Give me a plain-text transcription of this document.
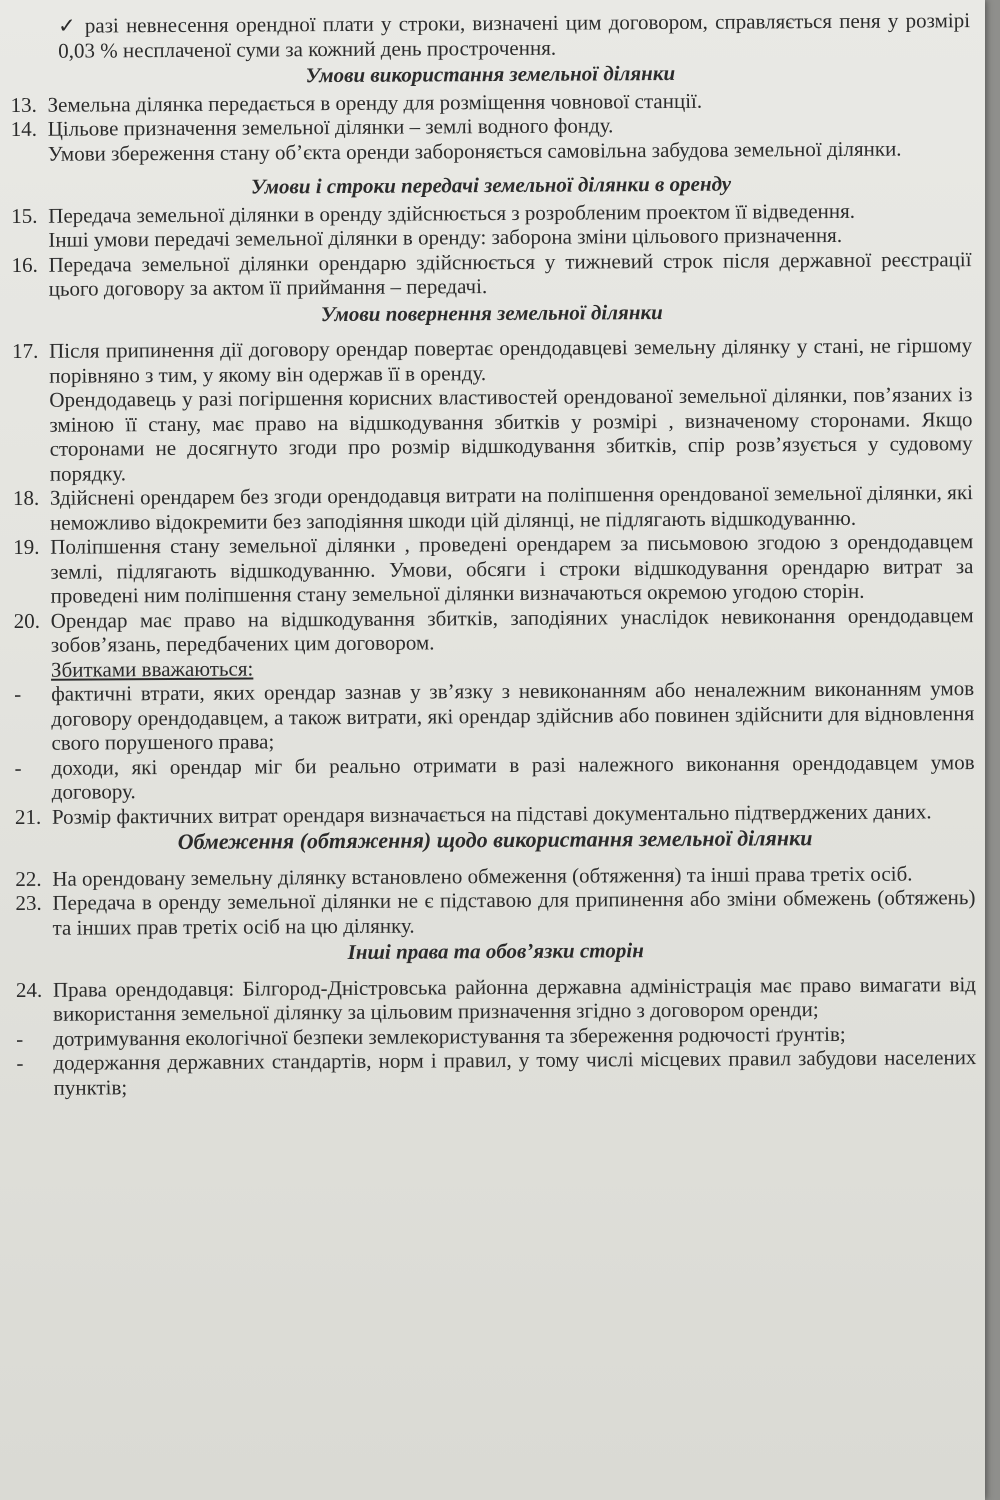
✓ разі невнесення орендної плати у строки, визначені цим договором, справляється пеня у розмірі 0,03 % несплаченої суми за кожний день прострочення.

Умови використання земельної ділянки

13. Земельна ділянка передається в оренду для розміщення човнової станції.

14. Цільове призначення земельної ділянки – землі водного фонду.

Умови збереження стану об’єкта оренди забороняється самовільна забудова земельної ділянки.

Умови і строки передачі земельної ділянки в оренду

15. Передача земельної ділянки в оренду здійснюється з розробленим проектом її відведення.

Інші умови передачі земельної ділянки в оренду: заборона зміни цільового призначення.

16. Передача земельної ділянки орендарю здійснюється у тижневий строк після державної реєстрації цього договору за актом її приймання – передачі.

Умови повернення земельної ділянки

17. Після припинення дії договору орендар повертає орендодавцеві земельну ділянку у стані, не гіршому порівняно з тим, у якому він одержав її в оренду.

Орендодавець у разі погіршення корисних властивостей орендованої земельної ділянки, пов’язаних із зміною її стану, має право на відшкодування збитків у розмірі , визначеному сторонами. Якщо сторонами не досягнуто згоди про розмір відшкодування збитків, спір розв’язується у судовому порядку.

18. Здійснені орендарем без згоди орендодавця витрати на поліпшення орендованої земельної ділянки, які неможливо відокремити без заподіяння шкоди цій ділянці, не підлягають відшкодуванню.

19. Поліпшення стану земельної ділянки , проведені орендарем за письмовою згодою з орендодавцем землі, підлягають відшкодуванню. Умови, обсяги і строки відшкодування орендарю витрат за проведені ним поліпшення стану земельної ділянки визначаються окремою угодою сторін.

20. Орендар має право на відшкодування збитків, заподіяних унаслідок невиконання орендодавцем зобов’язань, передбачених цим договором.

Збитками вважаються:

- фактичні втрати, яких орендар зазнав у зв’язку з невиконанням або неналежним виконанням умов договору орендодавцем, а також витрати, які орендар здійснив або повинен здійснити для відновлення свого порушеного права;

- доходи, які орендар міг би реально отримати в разі належного виконання орендодавцем умов договору.

21. Розмір фактичних витрат орендаря визначається на підставі документально підтверджених даних.

Обмеження (обтяження) щодо використання земельної ділянки

22. На орендовану земельну ділянку встановлено обмеження (обтяження) та інші права третіх осіб.

23. Передача в оренду земельної ділянки не є підставою для припинення або зміни обмежень (обтяжень) та інших прав третіх осіб на цю ділянку.

Інші права та обов’язки сторін

24. Права орендодавця: Білгород-Дністровська районна державна адміністрація має право вимагати від використання земельної ділянку за цільовим призначення згідно з договором оренди;

- дотримування екологічної безпеки землекористування та збереження родючості ґрунтів;

- додержання державних стандартів, норм і правил, у тому числі місцевих правил забудови населених пунктів;
